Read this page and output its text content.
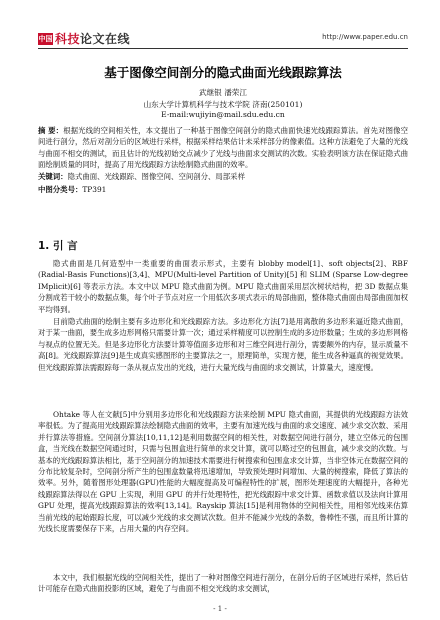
中国 科技论文在线	http://www.paper.edu.cn
基于图像空间剖分的隐式曲面光线跟踪算法
武继银 潘荣江
山东大学计算机科学与技术学院 济南(250101)
E-mail:wujiyin@mail.sdu.edu.cn

摘 要：根据光线的空间相关性，本文提出了一种基于图像空间剖分的隐式曲面快速光线跟踪算法。首先对图像空间进行剖分，然后对剖分后的区域进行采样，根据采样结果估计未采样部分的像素值。这种方法避免了大量的光线与曲面不相交的测试，而且估计的光线初始交点减少了光线与曲面求交测试的次数。实验表明该方法在保证隐式曲面绘制质量的同时，提高了用光线跟踪方法绘制隐式曲面的效率。

关键词：隐式曲面、光线跟踪、图像空间、空间剖分、局部采样

中图分类号：TP391

1. 引 言

隐式曲面是几何造型中一类重要的曲面表示形式，主要有 blobby model[1]、soft objects[2]、RBF (Radial-Basis Functions)[3,4]、MPU(Multi-level Partition of Unity)[5] 和 SLIM (Sparse Low-degree IMplicit)[6] 等表示方法。本文中以 MPU 隐式曲面为例。MPU 隐式曲面采用层次树状结构，把 3D 数据点集分割成若干较小的数据点集，每个叶子节点对应一个用低次多项式表示的局部曲面，整体隐式曲面由局部曲面加权平均得到。

目前隐式曲面的绘制主要有多边形化和光线跟踪方法。多边形化方法[7]是用离散的多边形来逼近隐式曲面，对于某一曲面，要生成多边形网格只需要计算一次；通过采样精度可以控制生成的多边形数量；生成的多边形网格与视点的位置无关。但是多边形化方法要计算等值面多边形和对三维空间进行剖分，需要额外的内存，显示质量不高[8]。光线跟踪算法[9]是生成真实感图形的主要算法之一，原理简单，实现方便，能生成各种逼真的视觉效果。但光线跟踪算法需跟踪每一条从视点发出的光线，进行大量光线与曲面的求交测试，计算量大，速度慢。

Ohtake 等人在文献[5]中分别用多边形化和光线跟踪方法来绘制 MPU 隐式曲面，其提供的光线跟踪方法效率很低。为了提高用光线跟踪算法绘制隐式曲面的效率，主要有加速光线与曲面的求交速度、减少求交次数、采用并行算法等措施。空间剖分算法[10,11,12]是利用数据空间的相关性，对数据空间进行剖分，建立空体元的包围盒，当光线在数据空间通过时，只需与包围盒进行简单的求交计算，就可以略过空的包围盒，减少求交的次数。与基本的光线跟踪算法相比，基于空间剖分的加速技术需要进行树搜索和包围盒求交计算，当非空体元在数据空间的分布比较复杂时，空间剖分所产生的包围盒数量将迅速增加，导致预处理时间增加、大量的树搜索，降低了算法的效率。另外，随着图形处理器(GPU)性能的大幅度提高及可编程特性的扩展，图形处理速度的大幅提升，各种光线跟踪算法得以在 GPU 上实现，利用 GPU 的并行处理特性，把光线跟踪中求交计算、函数求值以及法向计算用 GPU 处理，提高光线跟踪算法的效率[13,14]。Rayskip 算法[15]是利用物体的空间相关性，用相邻光线来估算当前光线的起始跟踪长度，可以减少光线的求交测试次数。但并不能减少光线的条数，鲁棒性不强，而且所计算的光线长度需要保存下来，占用大量的内存空间。

本文中，我们根据光线的空间相关性，提出了一种对图像空间进行剖分，在剖分后的子区域进行采样，然后估计可能存在隐式曲面投影的区域，避免了与曲面不相交光线的求交测试，

- 1 -
